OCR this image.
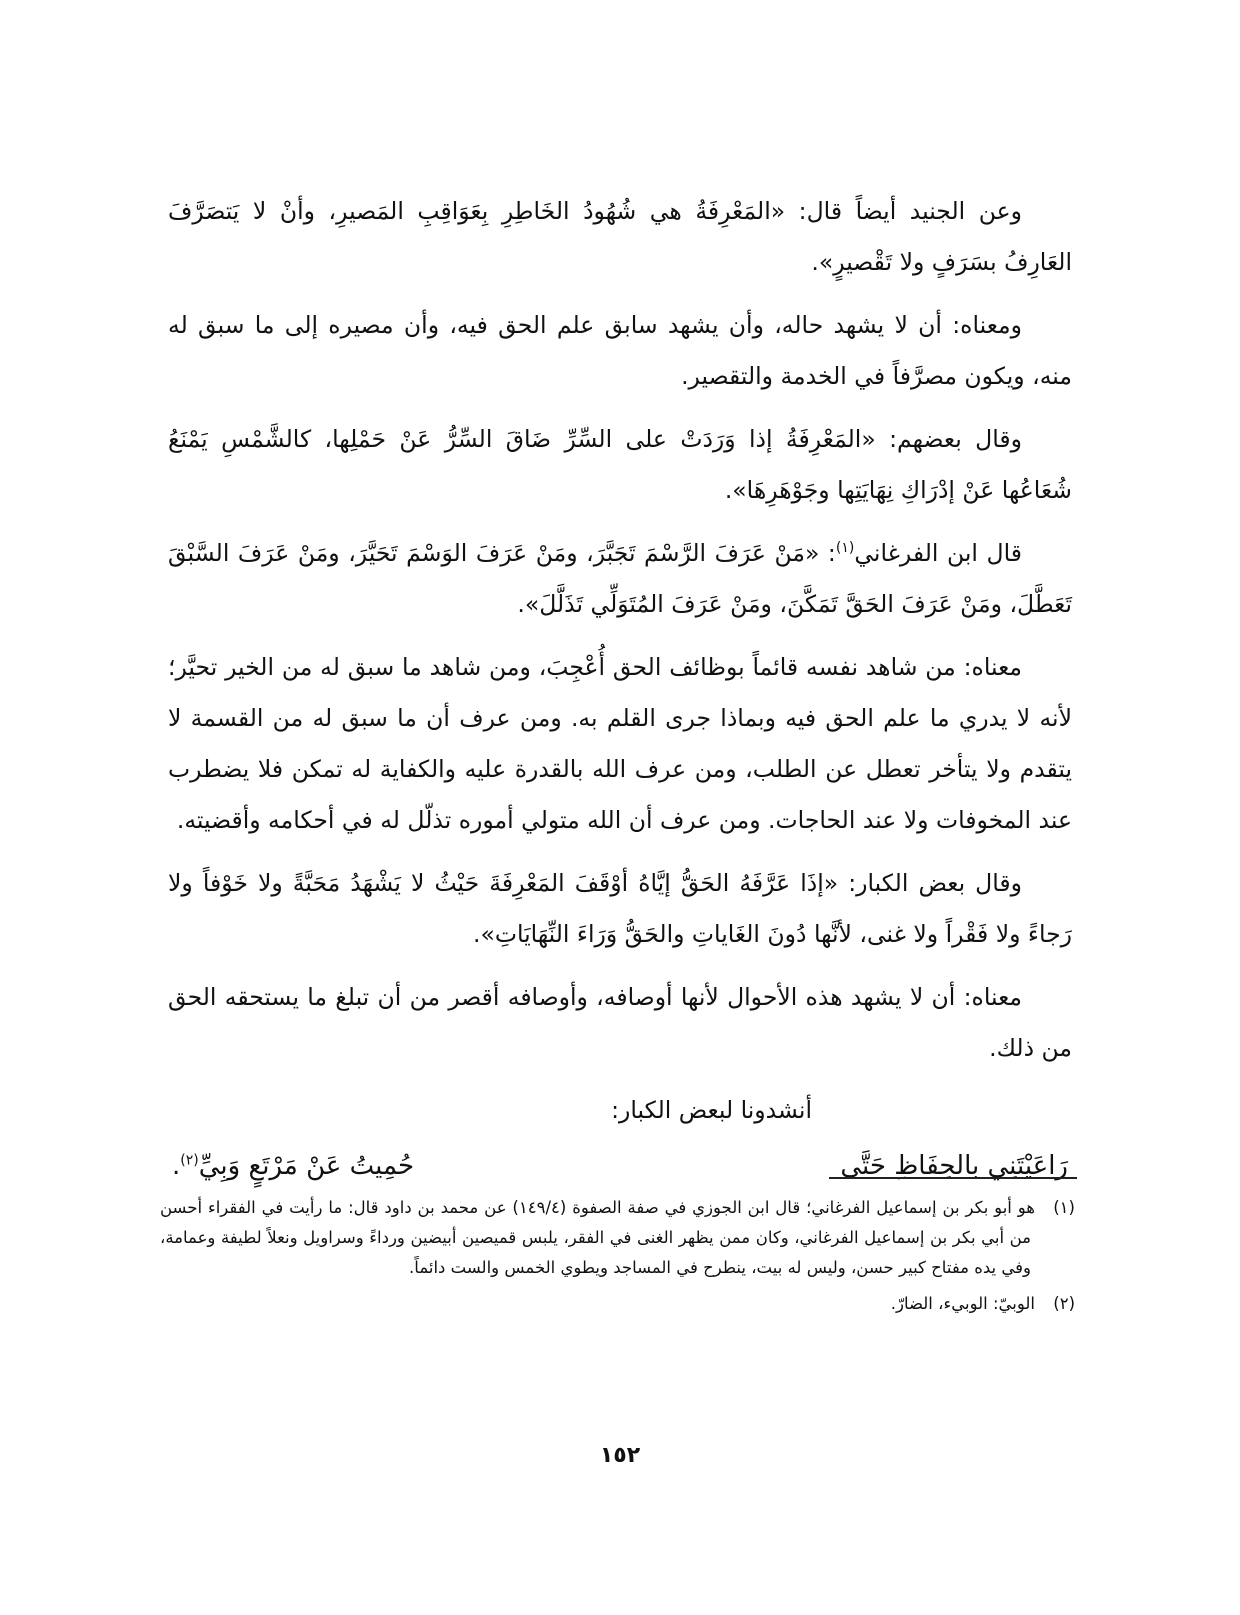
وعن الجنيد أيضاً قال: «المَعْرِفَةُ هي شُهُودُ الخَاطِرِ بِعَوَاقِبِ المَصيرِ، وأنْ لا يَتصَرَّفَ العَارِفُ بسَرَفٍ ولا تَقْصيرٍ».

ومعناه: أن لا يشهد حاله، وأن يشهد سابق علم الحق فيه، وأن مصيره إلى ما سبق له منه، ويكون مصرَّفاً في الخدمة والتقصير.

وقال بعضهم: «المَعْرِفَةُ إذا وَرَدَتْ على السِّرِّ ضَاقَ السِّرُّ عَنْ حَمْلِها، كالشَّمْسِ يَمْنَعُ شُعَاعُها عَنْ إدْرَاكِ نِهَايَتِها وجَوْهَرِهَا».

قال ابن الفرغاني$^{(١)}$: «مَنْ عَرَفَ الرَّسْمَ تَجَبَّرَ، ومَنْ عَرَفَ الوَسْمَ تَحَيَّرَ، ومَنْ عَرَفَ السَّبْقَ تَعَطَّلَ، ومَنْ عَرَفَ الحَقَّ تَمَكَّنَ، ومَنْ عَرَفَ المُتَوَلِّي تَذَلَّلَ».

معناه: من شاهد نفسه قائماً بوظائف الحق أُعْجِبَ، ومن شاهد ما سبق له من الخير تحيَّر؛ لأنه لا يدري ما علم الحق فيه وبماذا جرى القلم به. ومن عرف أن ما سبق له من القسمة لا يتقدم ولا يتأخر تعطل عن الطلب، ومن عرف الله بالقدرة عليه والكفاية له تمكن فلا يضطرب عند المخوفات ولا عند الحاجات. ومن عرف أن الله متولي أموره تذلّل له في أحكامه وأقضيته.

وقال بعض الكبار: «إذَا عَرَّفَهُ الحَقُّ إيَّاهُ أوْقَفَ المَعْرِفَةَ حَيْثُ لا يَشْهَدُ مَحَبَّةً ولا خَوْفاً ولا رَجاءً ولا فَقْراً ولا غنى، لأنَّها دُونَ الغَاياتِ والحَقُّ وَرَاءَ النِّهَايَاتِ».

معناه: أن لا يشهد هذه الأحوال لأنها أوصافه، وأوصافه أقصر من أن تبلغ ما يستحقه الحق من ذلك.

أنشدونا لبعض الكبار:

رَاعَيْتَنِي بالحِفَاظِ حَتَّى
حُمِيتُ عَنْ مَرْتَعٍ وَبِيِّ$^{(٢)}$.

(١)هو أبو بكر بن إسماعيل الفرغاني؛ قال ابن الجوزي في صفة الصفوة (١٤٩/٤) عن محمد بن داود قال: ما رأيت في الفقراء أحسن من أبي بكر بن إسماعيل الفرغاني، وكان ممن يظهر الغنى في الفقر، يلبس قميصين أبيضين ورداءً وسراويل ونعلاً لطيفة وعمامة، وفي يده مفتاح كبير حسن، وليس له بيت، ينطرح في المساجد ويطوي الخمس والست دائماً.

(٢)الوبيّ: الوبيء، الضارّ.

١٥٢
